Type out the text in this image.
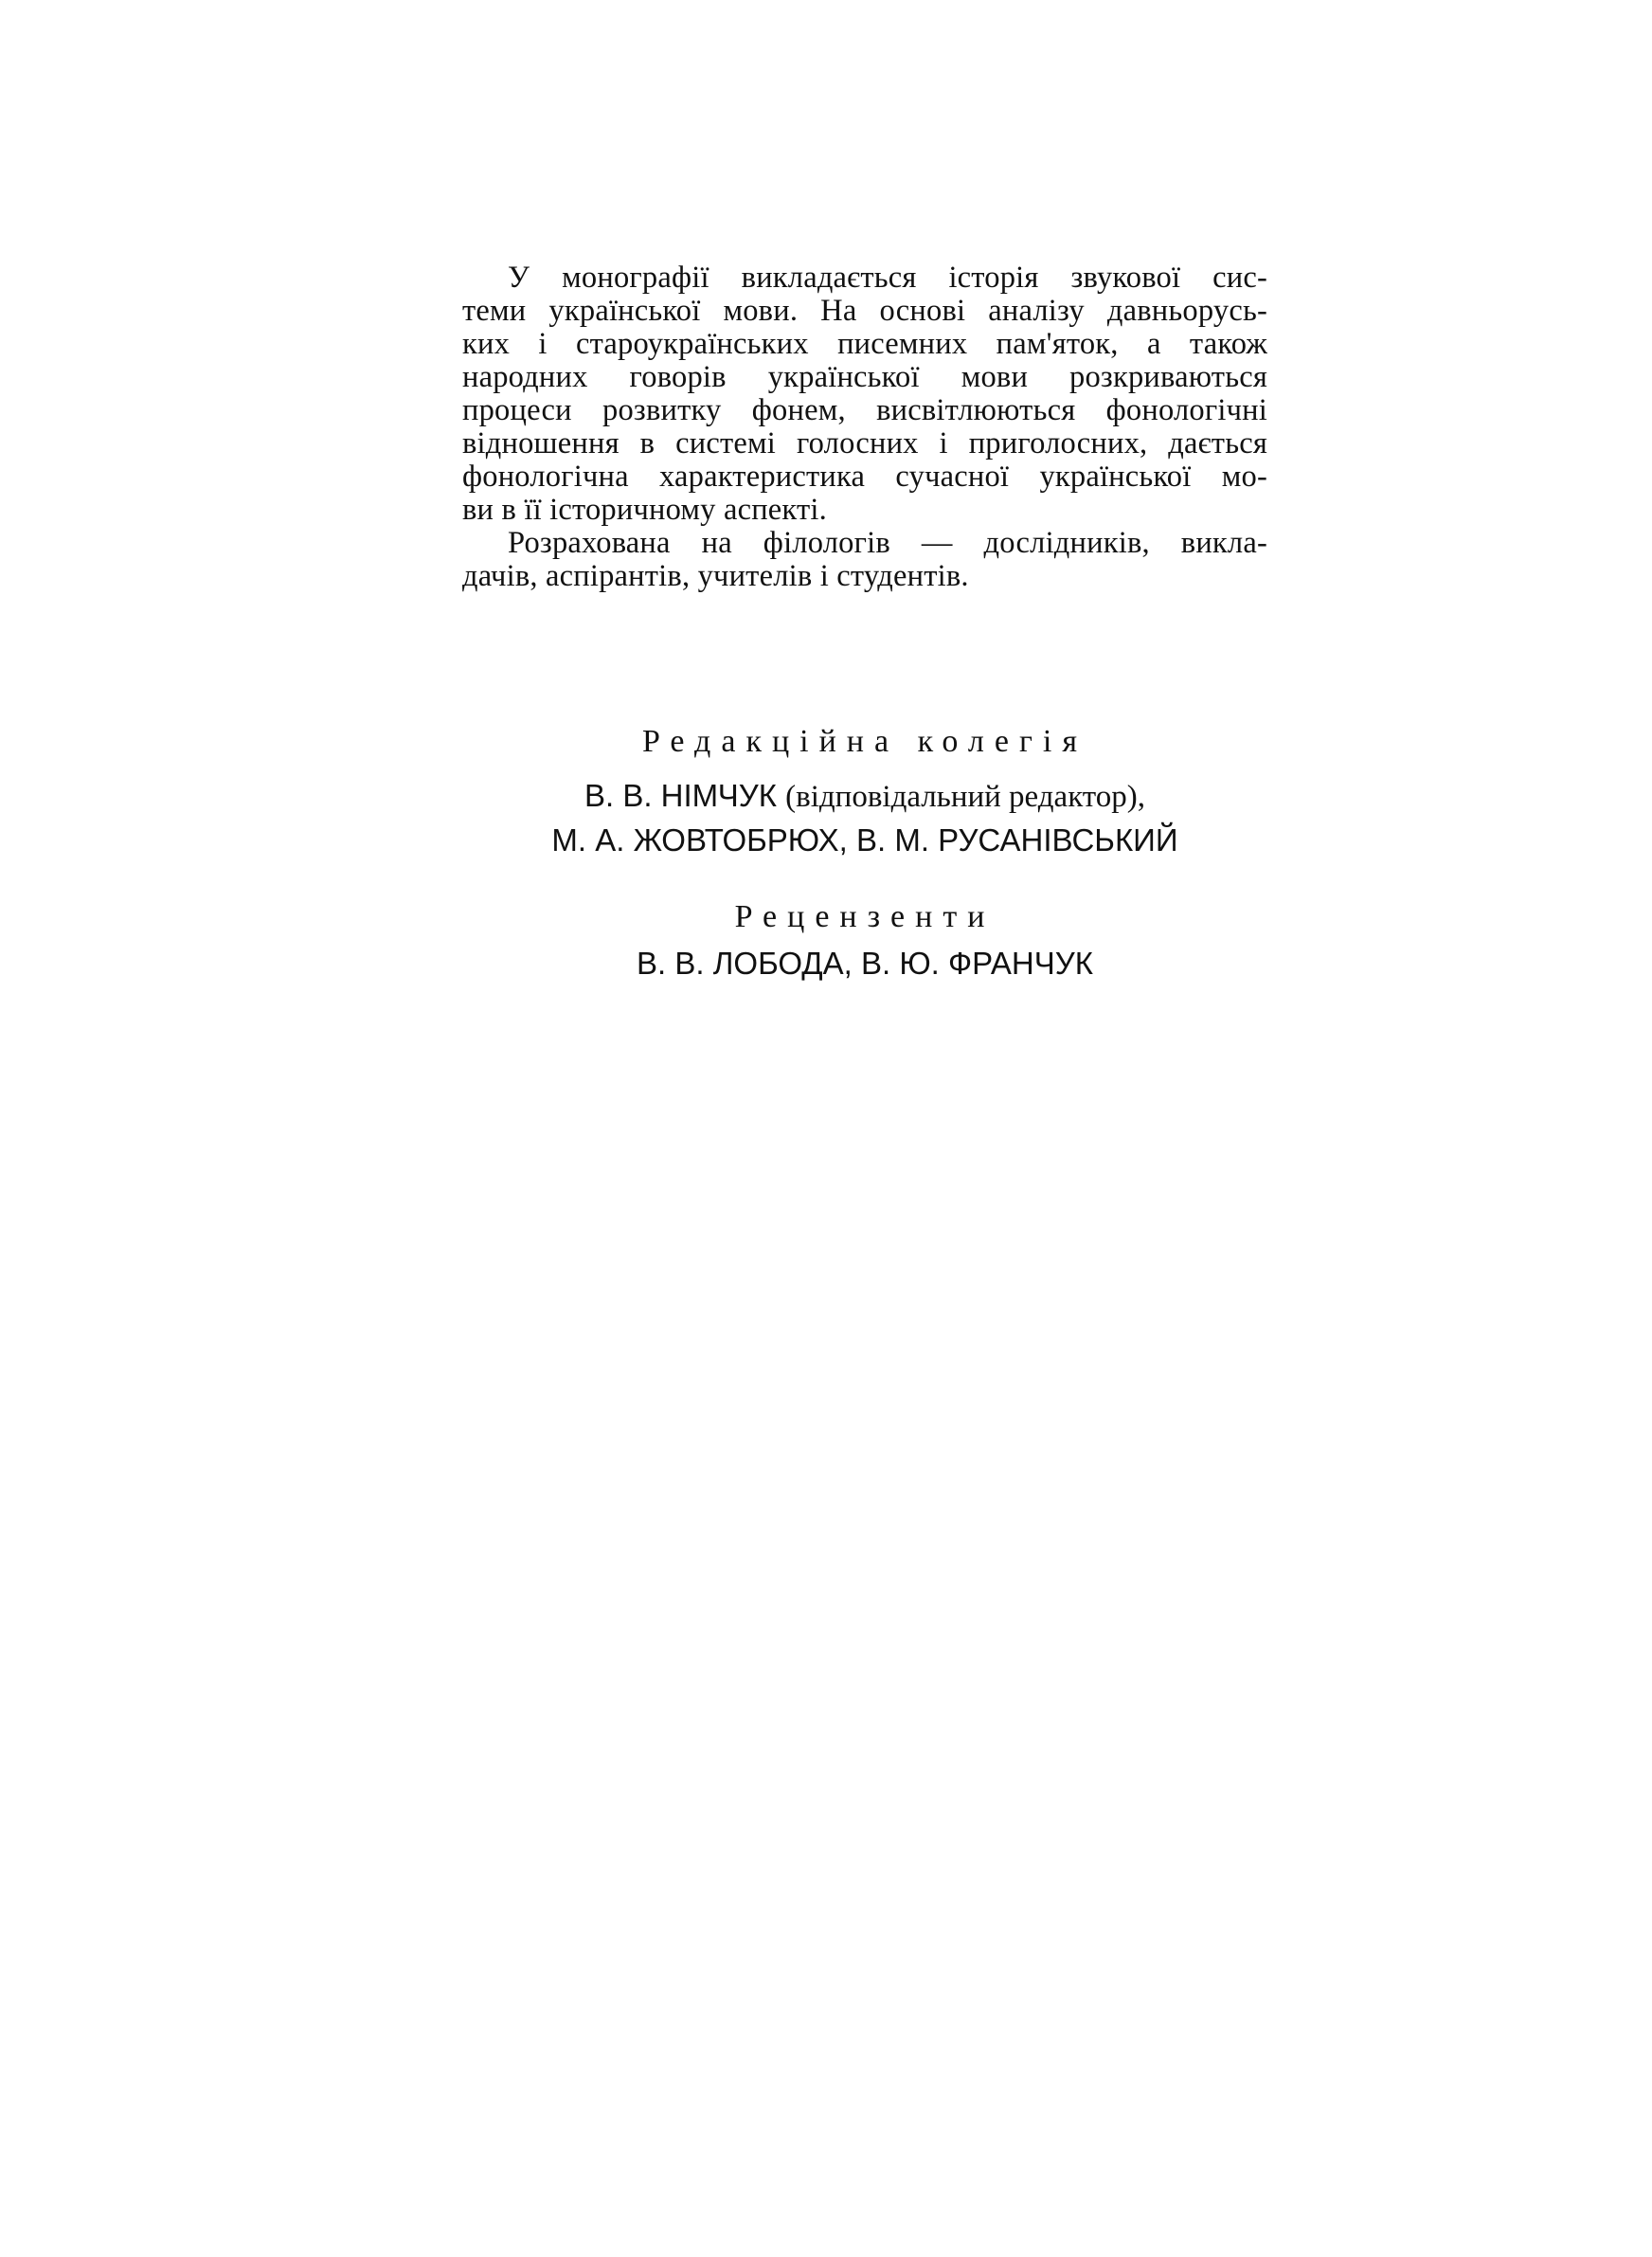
У монографії викладається історія звукової сис-
теми української мови. На основі аналізу давньорусь-
ких і староукраїнських писемних пам'яток, а також
народних говорів української мови розкриваються
процеси розвитку фонем, висвітлюються фонологічні
відношення в системі голосних і приголосних, дається
фонологічна характеристика сучасної української мо-
ви в її історичному аспекті.
Розрахована на філологів — дослідників, викла-
дачів, аспірантів, учителів і студентів.

Редакційна колегія

В. В. НІМЧУК (відповідальний редактор),

М. А. ЖОВТОБРЮХ, В. М. РУСАНІВСЬКИЙ

Рецензенти

В. В. ЛОБОДА, В. Ю. ФРАНЧУК
